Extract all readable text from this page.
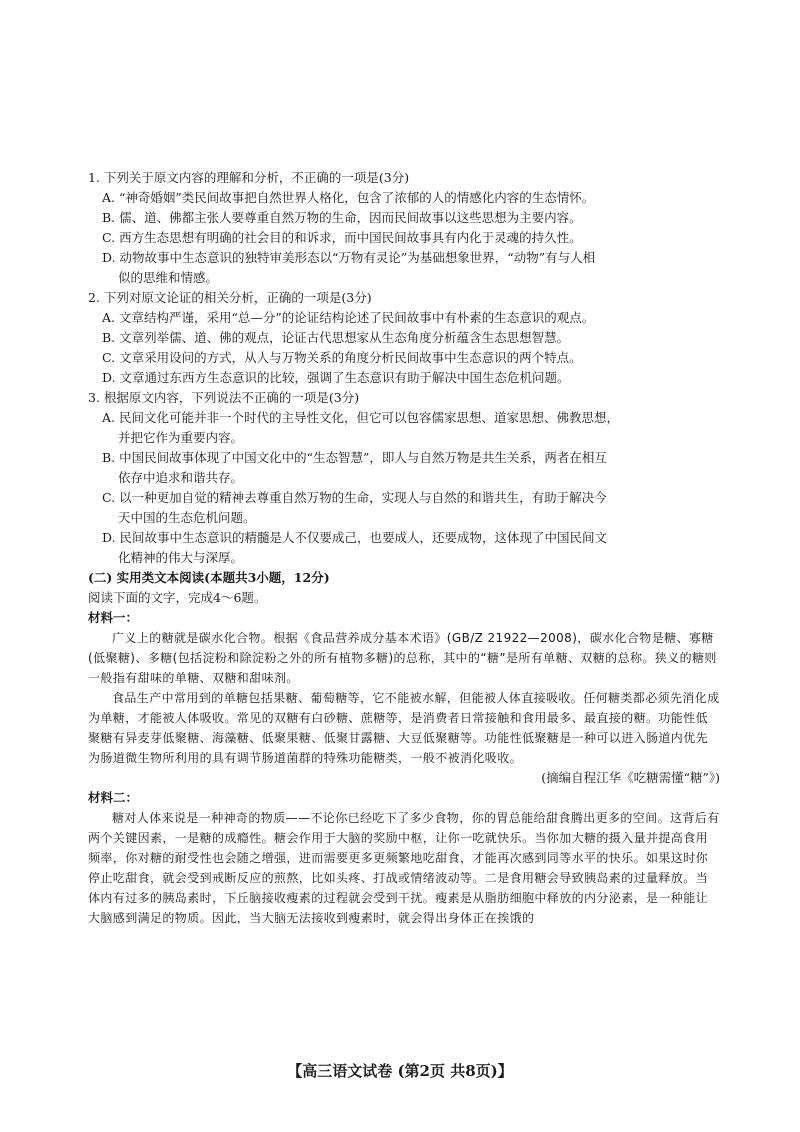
1. 下列关于原文内容的理解和分析，不正确的一项是(3分)
A. “神奇婚姻”类民间故事把自然世界人格化，包含了浓郁的人的情感化内容的生态情怀。
B. 儒、道、佛都主张人要尊重自然万物的生命，因而民间故事以这些思想为主要内容。
C. 西方生态思想有明确的社会目的和诉求，而中国民间故事具有内化于灵魂的持久性。
D. 动物故事中生态意识的独特审美形态以“万物有灵论”为基础想象世界，“动物”有与人相
似的思维和情感。
2. 下列对原文论证的相关分析，正确的一项是(3分)
A. 文章结构严谨，采用“总—分”的论证结构论述了民间故事中有朴素的生态意识的观点。
B. 文章列举儒、道、佛的观点，论证古代思想家从生态角度分析蕴含生态思想智慧。
C. 文章采用设问的方式，从人与万物关系的角度分析民间故事中生态意识的两个特点。
D. 文章通过东西方生态意识的比较，强调了生态意识有助于解决中国生态危机问题。
3. 根据原文内容，下列说法不正确的一项是(3分)
A. 民间文化可能并非一个时代的主导性文化，但它可以包容儒家思想、道家思想、佛教思想，
并把它作为重要内容。
B. 中国民间故事体现了中国文化中的“生态智慧”，即人与自然万物是共生关系，两者在相互
依存中追求和谐共存。
C. 以一种更加自觉的精神去尊重自然万物的生命，实现人与自然的和谐共生，有助于解决今
天中国的生态危机问题。
D. 民间故事中生态意识的精髓是人不仅要成己，也要成人，还要成物，这体现了中国民间文
化精神的伟大与深厚。
(二) 实用类文本阅读(本题共3小题，12分)
阅读下面的文字，完成4～6题。
材料一：
广义上的糖就是碳水化合物。根据《食品营养成分基本术语》(GB/Z 21922—2008)，碳水化合物是糖、寡糖(低聚糖)、多糖(包括淀粉和除淀粉之外的所有植物多糖)的总称，其中的“糖”是所有单糖、双糖的总称。狭义的糖则一般指有甜味的单糖、双糖和甜味剂。
食品生产中常用到的单糖包括果糖、葡萄糖等，它不能被水解，但能被人体直接吸收。任何糖类都必须先消化成为单糖，才能被人体吸收。常见的双糖有白砂糖、蔗糖等，是消费者日常接触和食用最多、最直接的糖。功能性低聚糖有异麦芽低聚糖、海藻糖、低聚果糖、低聚甘露糖、大豆低聚糖等。功能性低聚糖是一种可以进入肠道内优先为肠道微生物所利用的具有调节肠道菌群的特殊功能糖类，一般不被消化吸收。
(摘编自程江华《吃糖需懂“糖”》)
材料二：
糖对人体来说是一种神奇的物质——不论你已经吃下了多少食物，你的胃总能给甜食腾出更多的空间。这背后有两个关键因素，一是糖的成瘾性。糖会作用于大脑的奖励中枢，让你一吃就快乐。当你加大糖的摄入量并提高食用频率，你对糖的耐受性也会随之增强，进而需要更多更频繁地吃甜食，才能再次感到同等水平的快乐。如果这时你停止吃甜食，就会受到戒断反应的煎熬，比如头疼、打战或情绪波动等。二是食用糖会导致胰岛素的过量释放。当体内有过多的胰岛素时，下丘脑接收瘦素的过程就会受到干扰。瘦素是从脂肪细胞中释放的内分泌素，是一种能让大脑感到满足的物质。因此，当大脑无法接收到瘦素时，就会得出身体正在挨饿的
【高三语文试卷 (第2页 共8页)】
